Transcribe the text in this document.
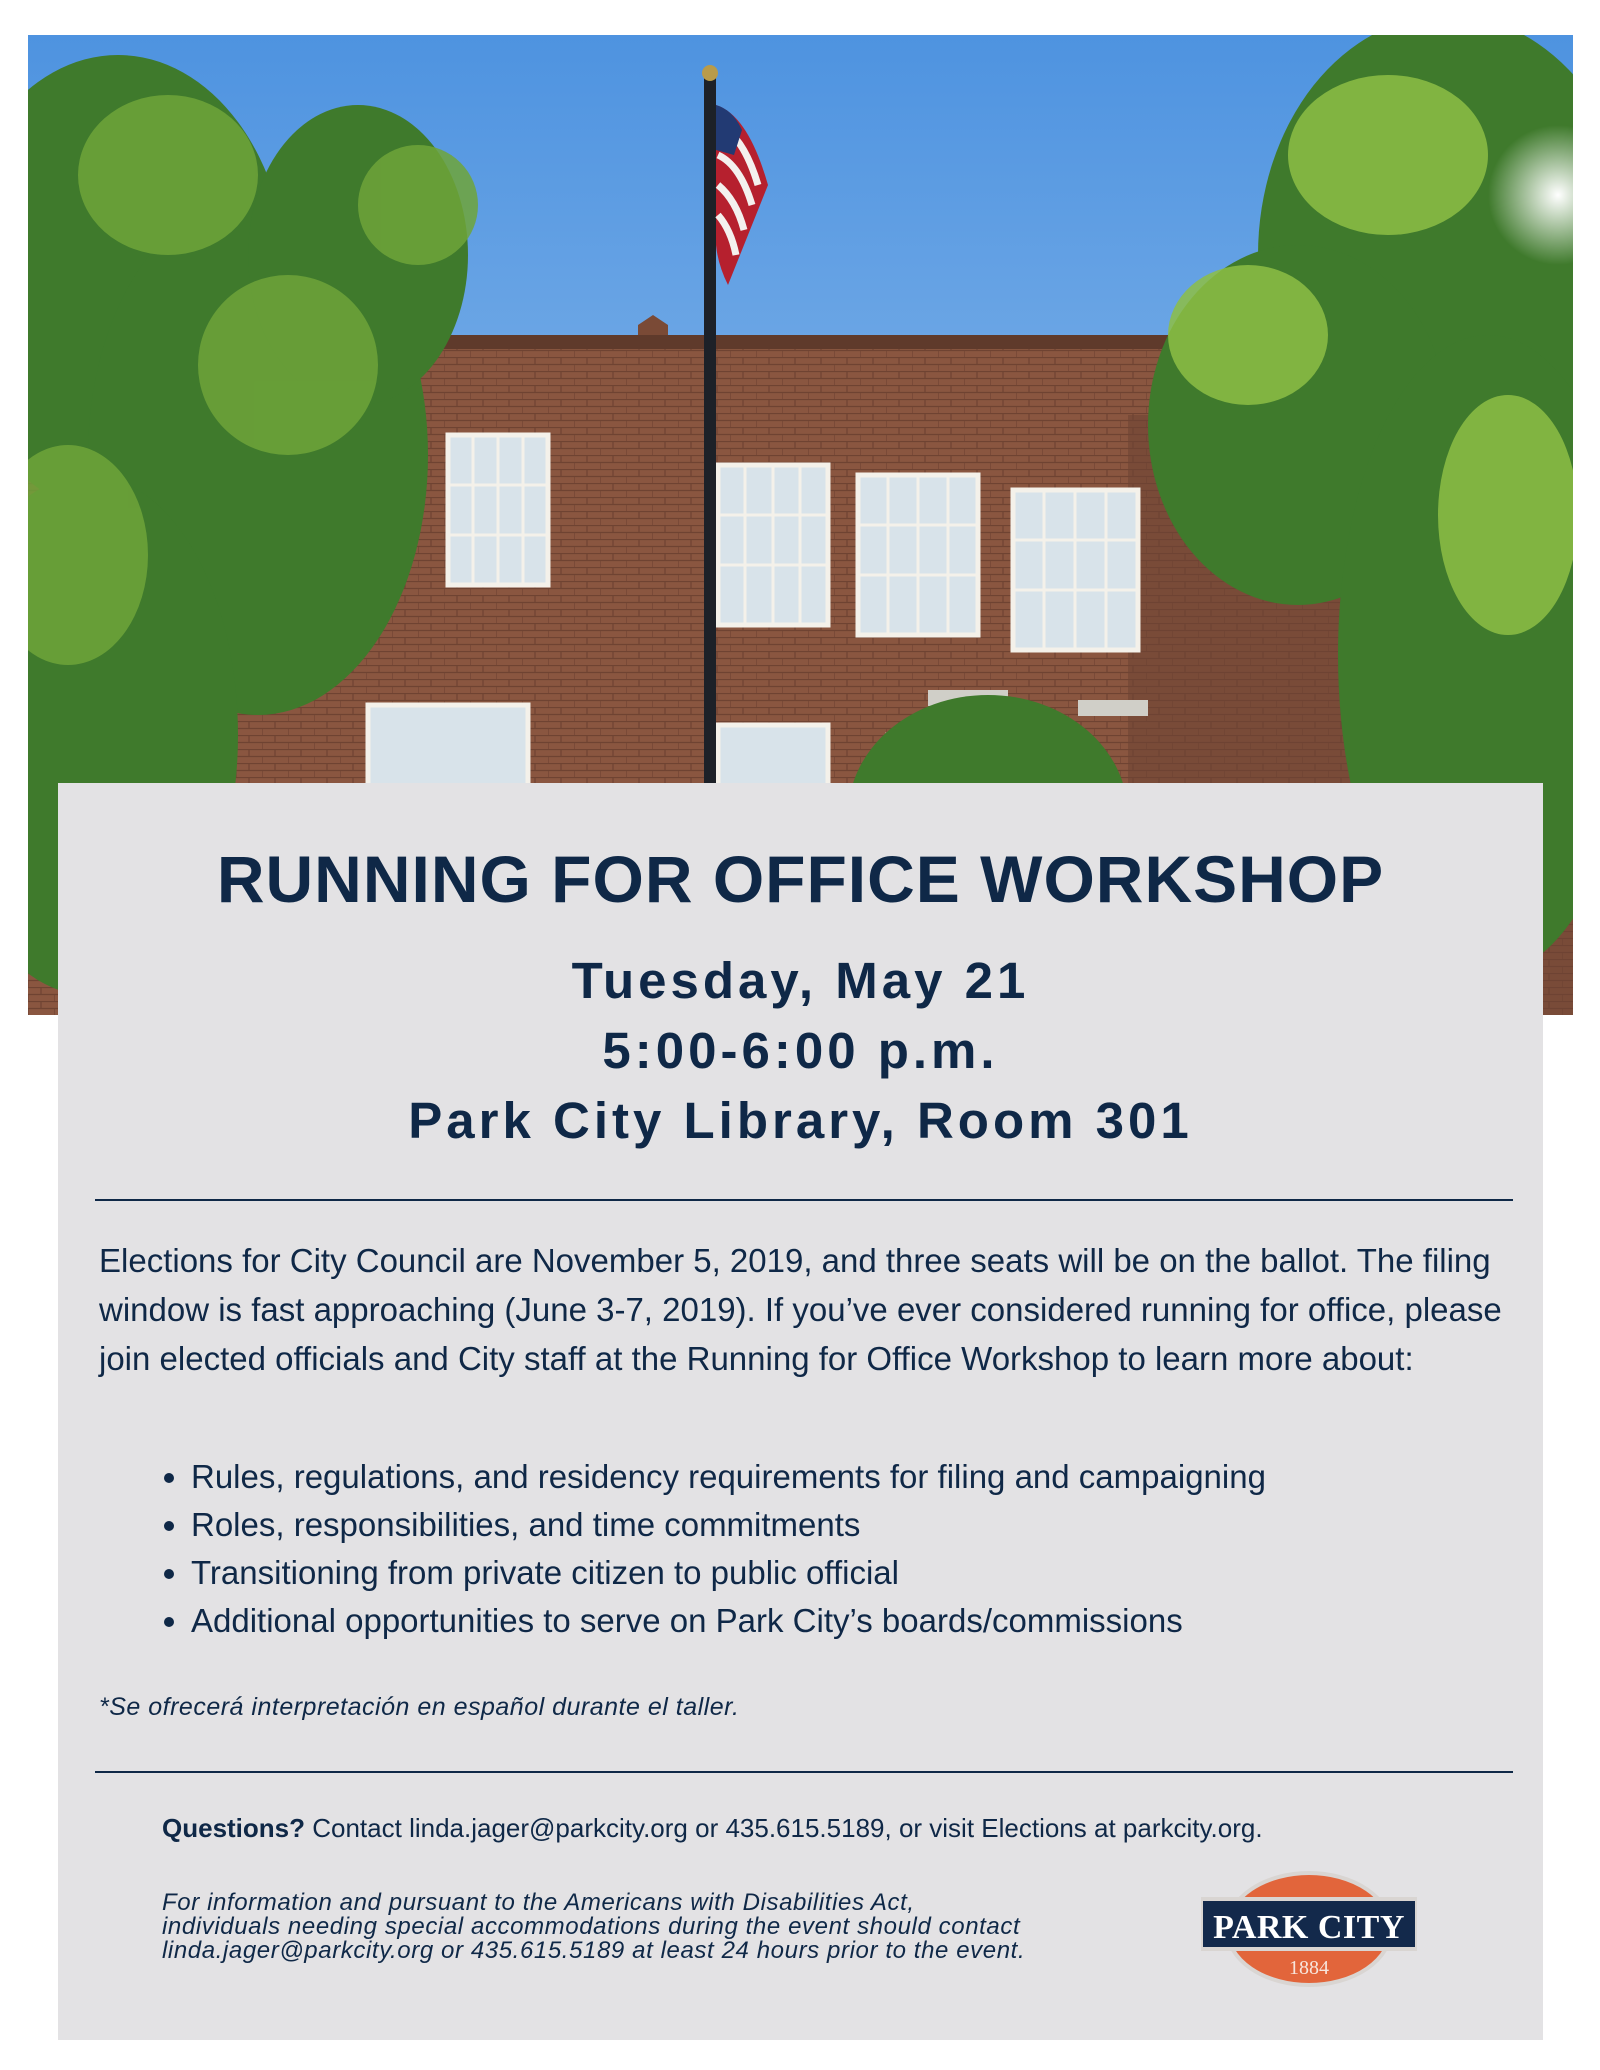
RUNNING FOR OFFICE WORKSHOP
Tuesday, May 21
5:00-6:00 p.m.
Park City Library, Room 301

Elections for City Council are November 5, 2019, and three seats will be on the ballot. The filing window is fast approaching (June 3-7, 2019). If you’ve ever considered running for office, please join elected officials and City staff at the Running for Office Workshop to learn more about:

• Rules, regulations, and residency requirements for filing and campaigning
• Roles, responsibilities, and time commitments
• Transitioning from private citizen to public official
• Additional opportunities to serve on Park City’s boards/commissions

*Se ofrecerá interpretación en español durante el taller.

Questions? Contact linda.jager@parkcity.org or 435.615.5189, or visit Elections at parkcity.org.

For information and pursuant to the Americans with Disabilities Act,
individuals needing special accommodations during the event should contact
linda.jager@parkcity.org or 435.615.5189 at least 24 hours prior to the event.

PARK CITY
1884
